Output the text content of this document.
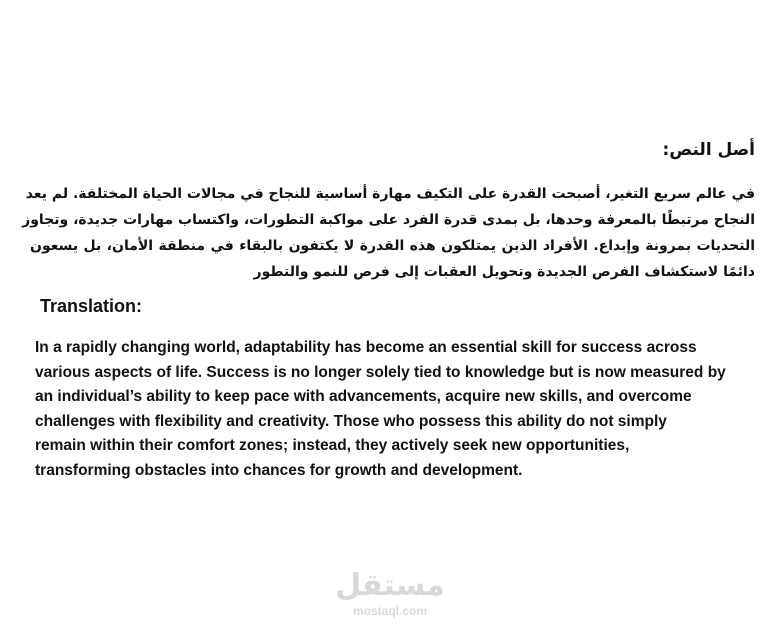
أصل النص:
في عالم سريع التغير، أصبحت القدرة على التكيف مهارة أساسية للنجاح في مجالات الحياة المختلفة. لم يعد
النجاح مرتبطًا بالمعرفة وحدها، بل بمدى قدرة الفرد على مواكبة التطورات، واكتساب مهارات جديدة، وتجاوز
التحديات بمرونة وإبداع. الأفراد الذين يمتلكون هذه القدرة لا يكتفون بالبقاء في منطقة الأمان، بل يسعون
دائمًا لاستكشاف الفرص الجديدة وتحويل العقبات إلى فرص للنمو والتطور
Translation:
In a rapidly changing world, adaptability has become an essential skill for success across
various aspects of life. Success is no longer solely tied to knowledge but is now measured by
an individual’s ability to keep pace with advancements, acquire new skills, and overcome
challenges with flexibility and creativity. Those who possess this ability do not simply
remain within their comfort zones; instead, they actively seek new opportunities,
transforming obstacles into chances for growth and development.
مستقل
mostaql.com
